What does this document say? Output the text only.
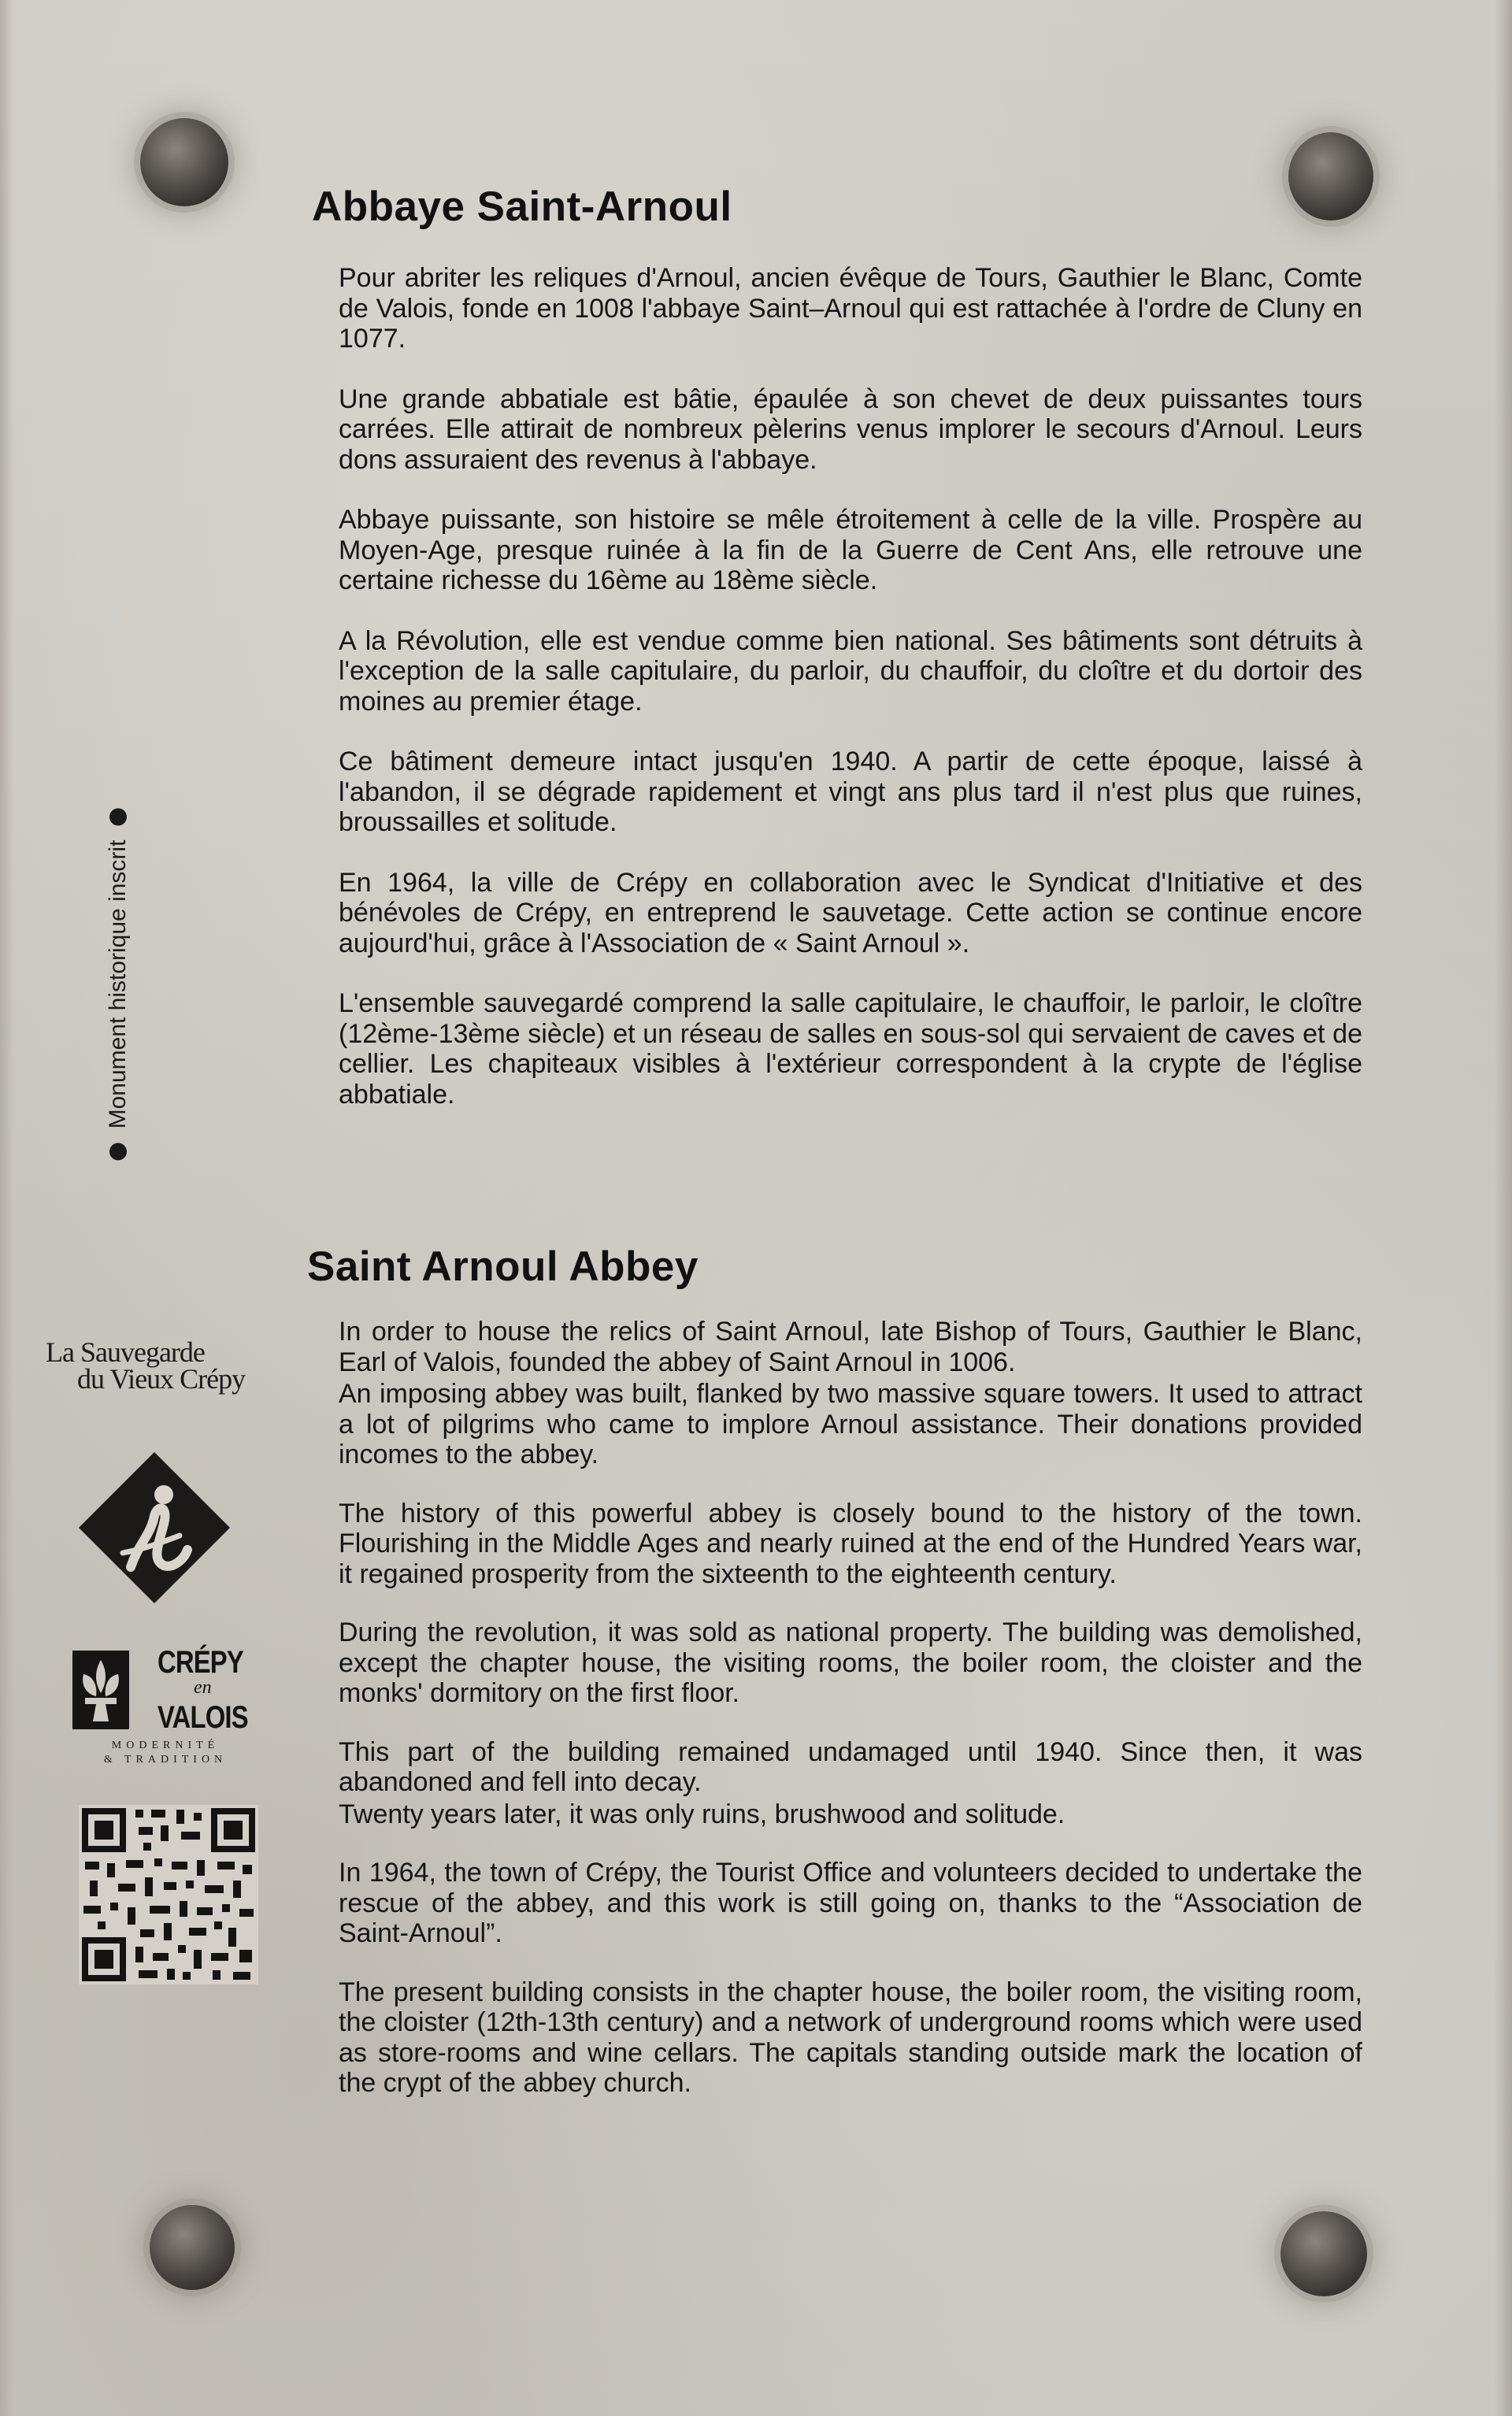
Abbaye Saint-Arnoul

Pour abriter les reliques d'Arnoul, ancien évêque de Tours, Gauthier le Blanc, Comte de Valois, fonde en 1008 l'abbaye Saint–Arnoul qui est rattachée à l'ordre de Cluny en 1077.

Une grande abbatiale est bâtie, épaulée à son chevet de deux puissantes tours carrées. Elle attirait de nombreux pèlerins venus implorer le secours d'Arnoul. Leurs dons assuraient des revenus à l'abbaye.

Abbaye puissante, son histoire se mêle étroitement à celle de la ville. Prospère au Moyen-Age, presque ruinée à la fin de la Guerre de Cent Ans, elle retrouve une certaine richesse du 16ème au 18ème siècle.

A la Révolution, elle est vendue comme bien national. Ses bâtiments sont détruits à l'exception de la salle capitulaire, du parloir, du chauffoir, du cloître et du dortoir des moines au premier étage.

Ce bâtiment demeure intact jusqu'en 1940. A partir de cette époque, laissé à l'abandon, il se dégrade rapidement et vingt ans plus tard il n'est plus que ruines, broussailles et solitude.

En 1964, la ville de Crépy en collaboration avec le Syndicat d'Initiative et des bénévoles de Crépy, en entreprend le sauvetage. Cette action se continue encore aujourd'hui, grâce à l'Association de « Saint Arnoul ».

L'ensemble sauvegardé comprend la salle capitulaire, le chauffoir, le parloir, le cloître (12ème-13ème siècle) et un réseau de salles en sous-sol qui servaient de caves et de cellier. Les chapiteaux visibles à l'extérieur correspondent à la crypte de l'église abbatiale.

Saint Arnoul Abbey

In order to house the relics of Saint Arnoul, late Bishop of Tours, Gauthier le Blanc, Earl of Valois, founded the abbey of Saint Arnoul in 1006.

An imposing abbey was built, flanked by two massive square towers. It used to attract a lot of pilgrims who came to implore Arnoul assistance. Their donations provided incomes to the abbey.

The history of this powerful abbey is closely bound to the history of the town. Flourishing in the Middle Ages and nearly ruined at the end of the Hundred Years war, it regained prosperity from the sixteenth to the eighteenth century.

During the revolution, it was sold as national property. The building was demolished, except the chapter house, the visiting rooms, the boiler room, the cloister and the monks' dormitory on the first floor.

This part of the building remained undamaged until 1940. Since then, it was abandoned and fell into decay.

Twenty years later, it was only ruins, brushwood and solitude.

In 1964, the town of Crépy, the Tourist Office and volunteers decided to undertake the rescue of the abbey, and this work is still going on, thanks to the “Association de Saint-Arnoul”.

The present building consists in the chapter house, the boiler room, the visiting room, the cloister (12th-13th century) and a network of underground rooms which were used as store-rooms and wine cellars. The capitals standing outside mark the location of the crypt of the abbey church.

Monument historique inscrit
La Sauvegarde
du Vieux Crépy
CRÉPY
en
VALOIS
MODERNITÉ
& TRADITION
